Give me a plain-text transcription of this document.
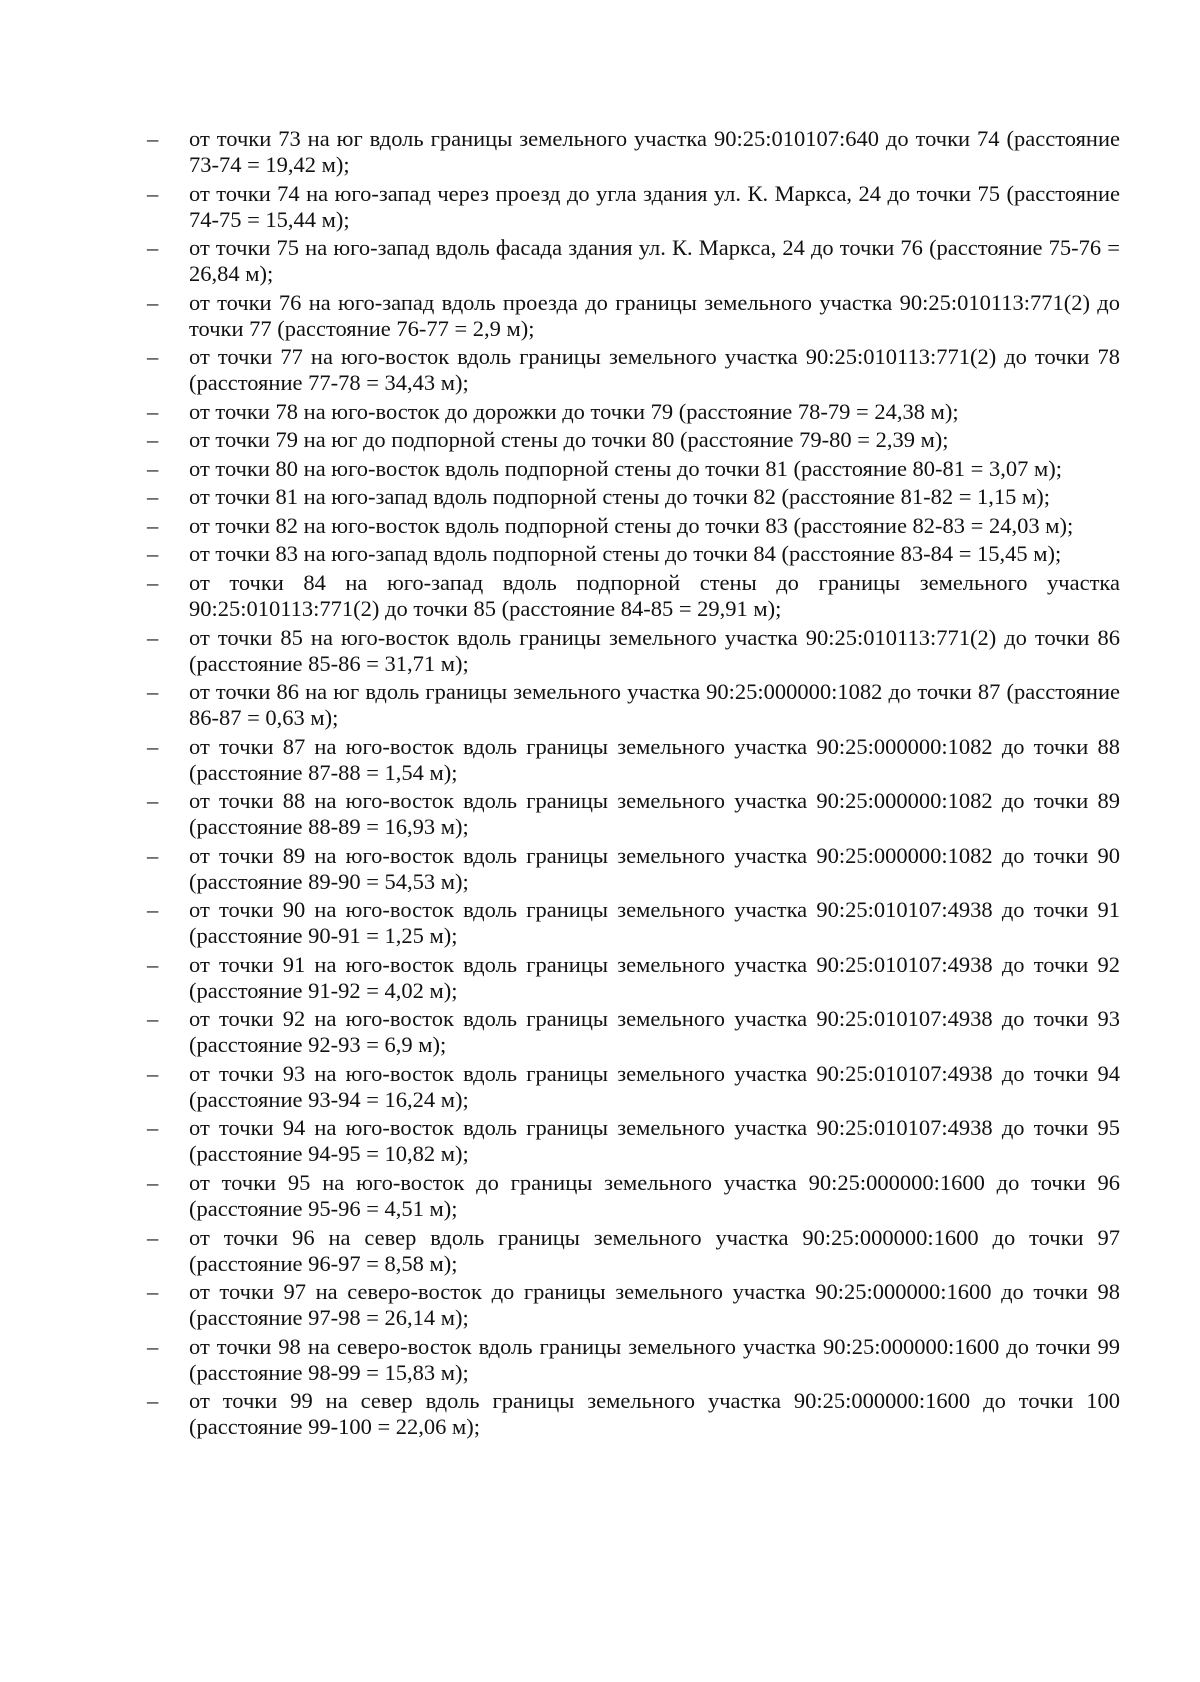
–	от точки 73 на юг вдоль границы земельного участка 90:25:010107:640 до точки 74 (расстояние 73-74 = 19,42 м);
–	от точки 74 на юго-запад через проезд до угла здания ул. К. Маркса, 24 до точки 75 (расстояние 74-75 = 15,44 м);
–	от точки 75 на юго-запад вдоль фасада здания ул. К. Маркса, 24 до точки 76 (расстояние 75-76 = 26,84 м);
–	от точки 76 на юго-запад вдоль проезда до границы земельного участка 90:25:010113:771(2) до точки 77 (расстояние 76-77 = 2,9 м);
–	от точки 77 на юго-восток вдоль границы земельного участка 90:25:010113:771(2) до точки 78 (расстояние 77-78 = 34,43 м);
–	от точки 78 на юго-восток до дорожки до точки 79 (расстояние 78-79 = 24,38 м);
–	от точки 79 на юг до подпорной стены до точки 80 (расстояние 79-80 = 2,39 м);
–	от точки 80 на юго-восток вдоль подпорной стены до точки 81 (расстояние 80-81 = 3,07 м);
–	от точки 81 на юго-запад вдоль подпорной стены до точки 82 (расстояние 81-82 = 1,15 м);
–	от точки 82 на юго-восток вдоль подпорной стены до точки 83 (расстояние 82-83 = 24,03 м);
–	от точки 83 на юго-запад вдоль подпорной стены до точки 84 (расстояние 83-84 = 15,45 м);
–	от точки 84 на юго-запад вдоль подпорной стены до границы земельного участка 90:25:010113:771(2) до точки 85 (расстояние 84-85 = 29,91 м);
–	от точки 85 на юго-восток вдоль границы земельного участка 90:25:010113:771(2) до точки 86 (расстояние 85-86 = 31,71 м);
–	от точки 86 на юг вдоль границы земельного участка 90:25:000000:1082 до точки 87 (расстояние 86-87 = 0,63 м);
–	от точки 87 на юго-восток вдоль границы земельного участка 90:25:000000:1082 до точки 88 (расстояние 87-88 = 1,54 м);
–	от точки 88 на юго-восток вдоль границы земельного участка 90:25:000000:1082 до точки 89 (расстояние 88-89 = 16,93 м);
–	от точки 89 на юго-восток вдоль границы земельного участка 90:25:000000:1082 до точки 90 (расстояние 89-90 = 54,53 м);
–	от точки 90 на юго-восток вдоль границы земельного участка 90:25:010107:4938 до точки 91 (расстояние 90-91 = 1,25 м);
–	от точки 91 на юго-восток вдоль границы земельного участка 90:25:010107:4938 до точки 92 (расстояние 91-92 = 4,02 м);
–	от точки 92 на юго-восток вдоль границы земельного участка 90:25:010107:4938 до точки 93 (расстояние 92-93 = 6,9 м);
–	от точки 93 на юго-восток вдоль границы земельного участка 90:25:010107:4938 до точки 94 (расстояние 93-94 = 16,24 м);
–	от точки 94 на юго-восток вдоль границы земельного участка 90:25:010107:4938 до точки 95 (расстояние 94-95 = 10,82 м);
–	от точки 95 на юго-восток до границы земельного участка 90:25:000000:1600 до точки 96 (расстояние 95-96 = 4,51 м);
–	от точки 96 на север вдоль границы земельного участка 90:25:000000:1600 до точки 97 (расстояние 96-97 = 8,58 м);
–	от точки 97 на северо-восток до границы земельного участка 90:25:000000:1600 до точки 98 (расстояние 97-98 = 26,14 м);
–	от точки 98 на северо-восток вдоль границы земельного участка 90:25:000000:1600 до точки 99 (расстояние 98-99 = 15,83 м);
–	от точки 99 на север вдоль границы земельного участка 90:25:000000:1600 до точки 100 (расстояние 99-100 = 22,06 м);
